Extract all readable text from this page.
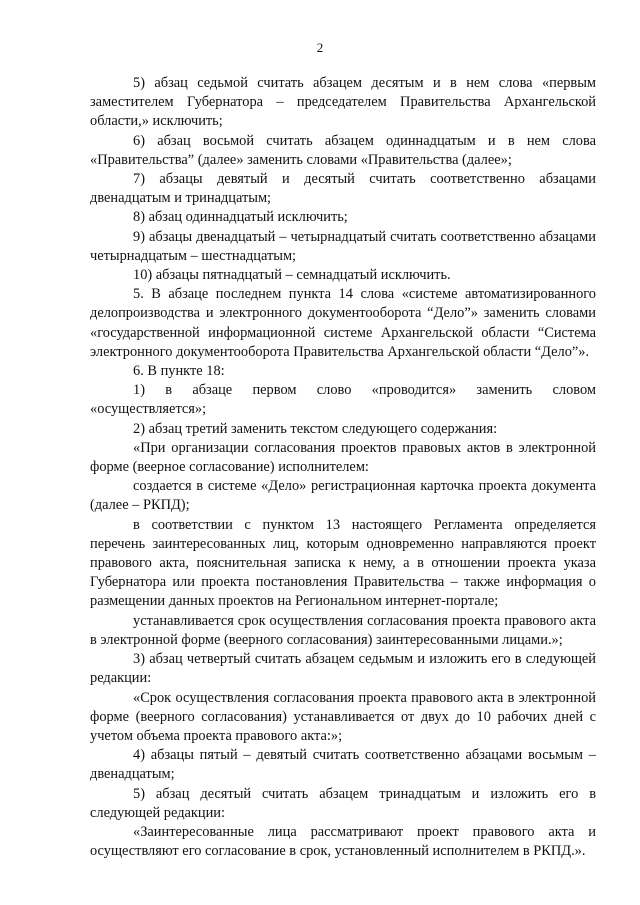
2

5) абзац седьмой считать абзацем десятым и в нем слова «первым заместителем Губернатора – председателем Правительства Архангельской области,» исключить;

6) абзац восьмой считать абзацем одиннадцатым и в нем слова «Правительства” (далее» заменить словами «Правительства (далее»;

7) абзацы девятый и десятый считать соответственно абзацами двенадцатым и тринадцатым;

8) абзац одиннадцатый исключить;

9) абзацы двенадцатый – четырнадцатый считать соответственно абзацами четырнадцатым – шестнадцатым;

10) абзацы пятнадцатый – семнадцатый исключить.

5. В абзаце последнем пункта 14 слова «системе автоматизированного делопроизводства и электронного документооборота “Дело”» заменить словами «государственной информационной системе Архангельской области “Система электронного документооборота Правительства Архангельской области “Дело”».

6. В пункте 18:

1) в абзаце первом слово «проводится» заменить словом «осуществляется»;

2) абзац третий заменить текстом следующего содержания:

«При организации согласования проектов правовых актов в электронной форме (веерное согласование) исполнителем:

создается в системе «Дело» регистрационная карточка проекта документа (далее – РКПД);

в соответствии с пунктом 13 настоящего Регламента определяется перечень заинтересованных лиц, которым одновременно направляются проект правового акта, пояснительная записка к нему, а в отношении проекта указа Губернатора или проекта постановления Правительства – также информация о размещении данных проектов на Региональном интернет-портале;

устанавливается срок осуществления согласования проекта правового акта в электронной форме (веерного согласования) заинтересованными лицами.»;

3) абзац четвертый считать абзацем седьмым и изложить его в следующей редакции:

«Срок осуществления согласования проекта правового акта в электронной форме (веерного согласования) устанавливается от двух до 10 рабочих дней с учетом объема проекта правового акта:»;

4) абзацы пятый – девятый считать соответственно абзацами восьмым – двенадцатым;

5) абзац десятый считать абзацем тринадцатым и изложить его в следующей редакции:

«Заинтересованные лица рассматривают проект правового акта и осуществляют его согласование в срок, установленный исполнителем в РКПД.».
